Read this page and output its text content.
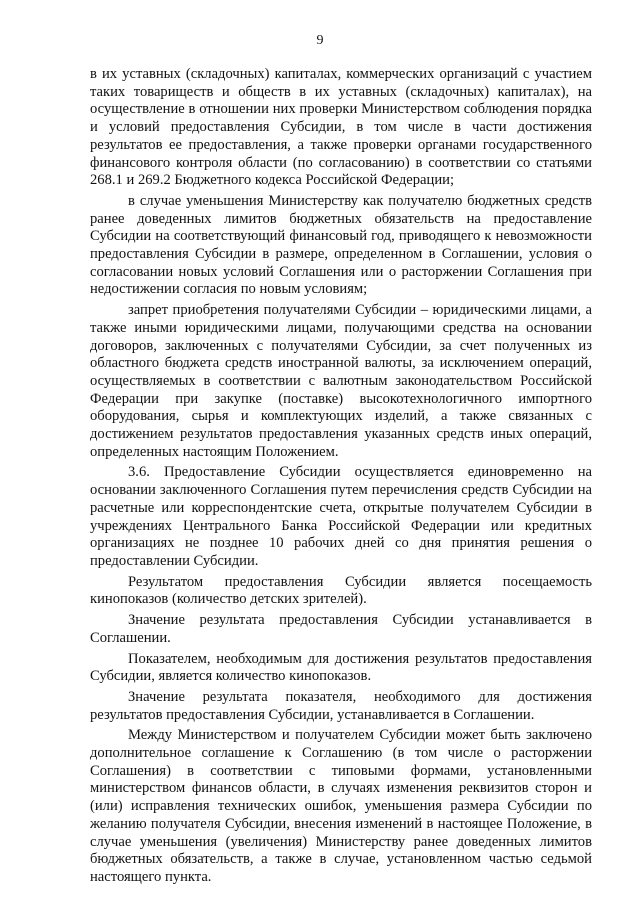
9

в их уставных (складочных) капиталах, коммерческих организаций с участием таких товариществ и обществ в их уставных (складочных) капиталах), на осуществление в отношении них проверки Министерством соблюдения порядка и условий предоставления Субсидии, в том числе в части достижения результатов ее предоставления, а также проверки органами государственного финансового контроля области (по согласованию) в соответствии со статьями 268.1 и 269.2 Бюджетного кодекса Российской Федерации;

в случае уменьшения Министерству как получателю бюджетных средств ранее доведенных лимитов бюджетных обязательств на предоставление Субсидии на соответствующий финансовый год, приводящего к невозможности предоставления Субсидии в размере, определенном в Соглашении, условия о согласовании новых условий Соглашения или о расторжении Соглашения при недостижении согласия по новым условиям;

запрет приобретения получателями Субсидии – юридическими лицами, а также иными юридическими лицами, получающими средства на основании договоров, заключенных с получателями Субсидии, за счет полученных из областного бюджета средств иностранной валюты, за исключением операций, осуществляемых в соответствии с валютным законодательством Российской Федерации при закупке (поставке) высокотехнологичного импортного оборудования, сырья и комплектующих изделий, а также связанных с достижением результатов предоставления указанных средств иных операций, определенных настоящим Положением.

3.6. Предоставление Субсидии осуществляется единовременно на основании заключенного Соглашения путем перечисления средств Субсидии на расчетные или корреспондентские счета, открытые получателем Субсидии в учреждениях Центрального Банка Российской Федерации или кредитных организациях не позднее 10 рабочих дней со дня принятия решения о предоставлении Субсидии.

Результатом предоставления Субсидии является посещаемость кинопоказов (количество детских зрителей).

Значение результата предоставления Субсидии устанавливается в Соглашении.

Показателем, необходимым для достижения результатов предоставления Субсидии, является количество кинопоказов.

Значение результата показателя, необходимого для достижения результатов предоставления Субсидии, устанавливается в Соглашении.

Между Министерством и получателем Субсидии может быть заключено дополнительное соглашение к Соглашению (в том числе о расторжении Соглашения) в соответствии с типовыми формами, установленными министерством финансов области, в случаях изменения реквизитов сторон и (или) исправления технических ошибок, уменьшения размера Субсидии по желанию получателя Субсидии, внесения изменений в настоящее Положение, в случае уменьшения (увеличения) Министерству ранее доведенных лимитов бюджетных обязательств, а также в случае, установленном частью седьмой настоящего пункта.
